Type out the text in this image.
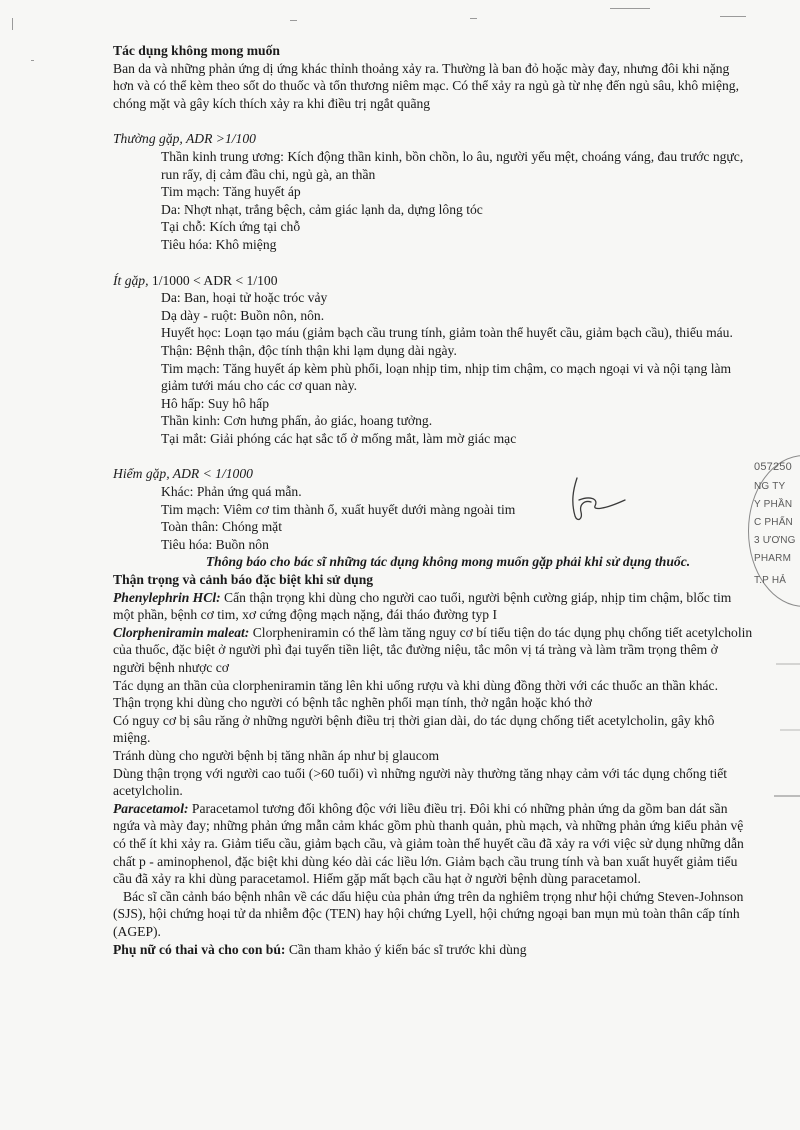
Tác dụng không mong muốn

Ban da và những phản ứng dị ứng khác thỉnh thoảng xảy ra. Thường là ban đỏ hoặc mày đay, nhưng đôi khi nặng hơn và có thể kèm theo sốt do thuốc và tổn thương niêm mạc. Có thể xảy ra ngủ gà từ nhẹ đến ngủ sâu, khô miệng, chóng mặt và gây kích thích xảy ra khi điều trị ngắt quãng

Thường gặp, ADR >1/100

Thần kinh trung ương: Kích động thần kinh, bồn chồn, lo âu, người yếu mệt, choáng váng, đau trước ngực, run rẩy, dị cảm đầu chi, ngủ gà, an thần

Tim mạch: Tăng huyết áp

Da: Nhợt nhạt, trắng bệch, cảm giác lạnh da, dựng lông tóc

Tại chỗ: Kích ứng tại chỗ

Tiêu hóa: Khô miệng

Ít gặp, 1/1000 < ADR < 1/100

Da: Ban, hoại tử hoặc tróc vảy

Dạ dày - ruột: Buồn nôn, nôn.

Huyết học: Loạn tạo máu (giảm bạch cầu trung tính, giảm toàn thể huyết cầu, giảm bạch cầu), thiếu máu.

Thận: Bệnh thận, độc tính thận khi lạm dụng dài ngày.

Tim mạch: Tăng huyết áp kèm phù phổi, loạn nhịp tim, nhịp tim chậm, co mạch ngoại vi và nội tạng làm giảm tưới máu cho các cơ quan này.

Hô hấp: Suy hô hấp

Thần kinh: Cơn hưng phấn, ảo giác, hoang tưởng.

Tại mắt: Giải phóng các hạt sắc tố ở mống mắt, làm mờ giác mạc

Hiếm gặp, ADR < 1/1000

Khác: Phản ứng quá mẫn.

Tim mạch: Viêm cơ tim thành ổ, xuất huyết dưới màng ngoài tim

Toàn thân: Chóng mặt

Tiêu hóa: Buồn nôn

Thông báo cho bác sĩ những tác dụng không mong muốn gặp phải khi sử dụng thuốc.

Thận trọng và cảnh báo đặc biệt khi sử dụng

Phenylephrin HCl: Cẩn thận trọng khi dùng cho người cao tuổi, người bệnh cường giáp, nhịp tim chậm, blốc tim một phần, bệnh cơ tim, xơ cứng động mạch nặng, đái tháo đường typ I

Clorpheniramin maleat: Clorpheniramin có thể làm tăng nguy cơ bí tiểu tiện do tác dụng phụ chống tiết acetylcholin của thuốc, đặc biệt ở người phì đại tuyến tiền liệt, tắc đường niệu, tắc môn vị tá tràng và làm trầm trọng thêm ở người bệnh nhược cơ

Tác dụng an thần của clorpheniramin tăng lên khi uống rượu và khi dùng đồng thời với các thuốc an thần khác.

Thận trọng khi dùng cho người có bệnh tắc nghẽn phổi mạn tính, thở ngắn hoặc khó thở

Có nguy cơ bị sâu răng ở những người bệnh điều trị thời gian dài, do tác dụng chống tiết acetylcholin, gây khô miệng.

Tránh dùng cho người bệnh bị tăng nhãn áp như bị glaucom

Dùng thận trọng với người cao tuổi (>60 tuổi) vì những người này thường tăng nhạy cảm với tác dụng chống tiết acetylcholin.

Paracetamol: Paracetamol tương đối không độc với liều điều trị. Đôi khi có những phản ứng da gồm ban dát sần ngứa và mày đay; những phản ứng mẫn cảm khác gồm phù thanh quản, phù mạch, và những phản ứng kiểu phản vệ có thể ít khi xảy ra. Giảm tiểu cầu, giảm bạch cầu, và giảm toàn thể huyết cầu đã xảy ra với việc sử dụng những dẫn chất p - aminophenol, đặc biệt khi dùng kéo dài các liều lớn. Giảm bạch cầu trung tính và ban xuất huyết giảm tiểu cầu đã xảy ra khi dùng paracetamol. Hiếm gặp mất bạch cầu hạt ở người bệnh dùng paracetamol.

Bác sĩ cần cảnh báo bệnh nhân về các dấu hiệu của phản ứng trên da nghiêm trọng như hội chứng Steven-Johnson (SJS), hội chứng hoại tử da nhiễm độc (TEN) hay hội chứng Lyell, hội chứng ngoại ban mụn mủ toàn thân cấp tính (AGEP).

Phụ nữ có thai và cho con bú: Cần tham khảo ý kiến bác sĩ trước khi dùng

057250
NG TY
Y PHẦN
C PHẨN
3 ƯƠNG
PHARM
T.P HẢ
